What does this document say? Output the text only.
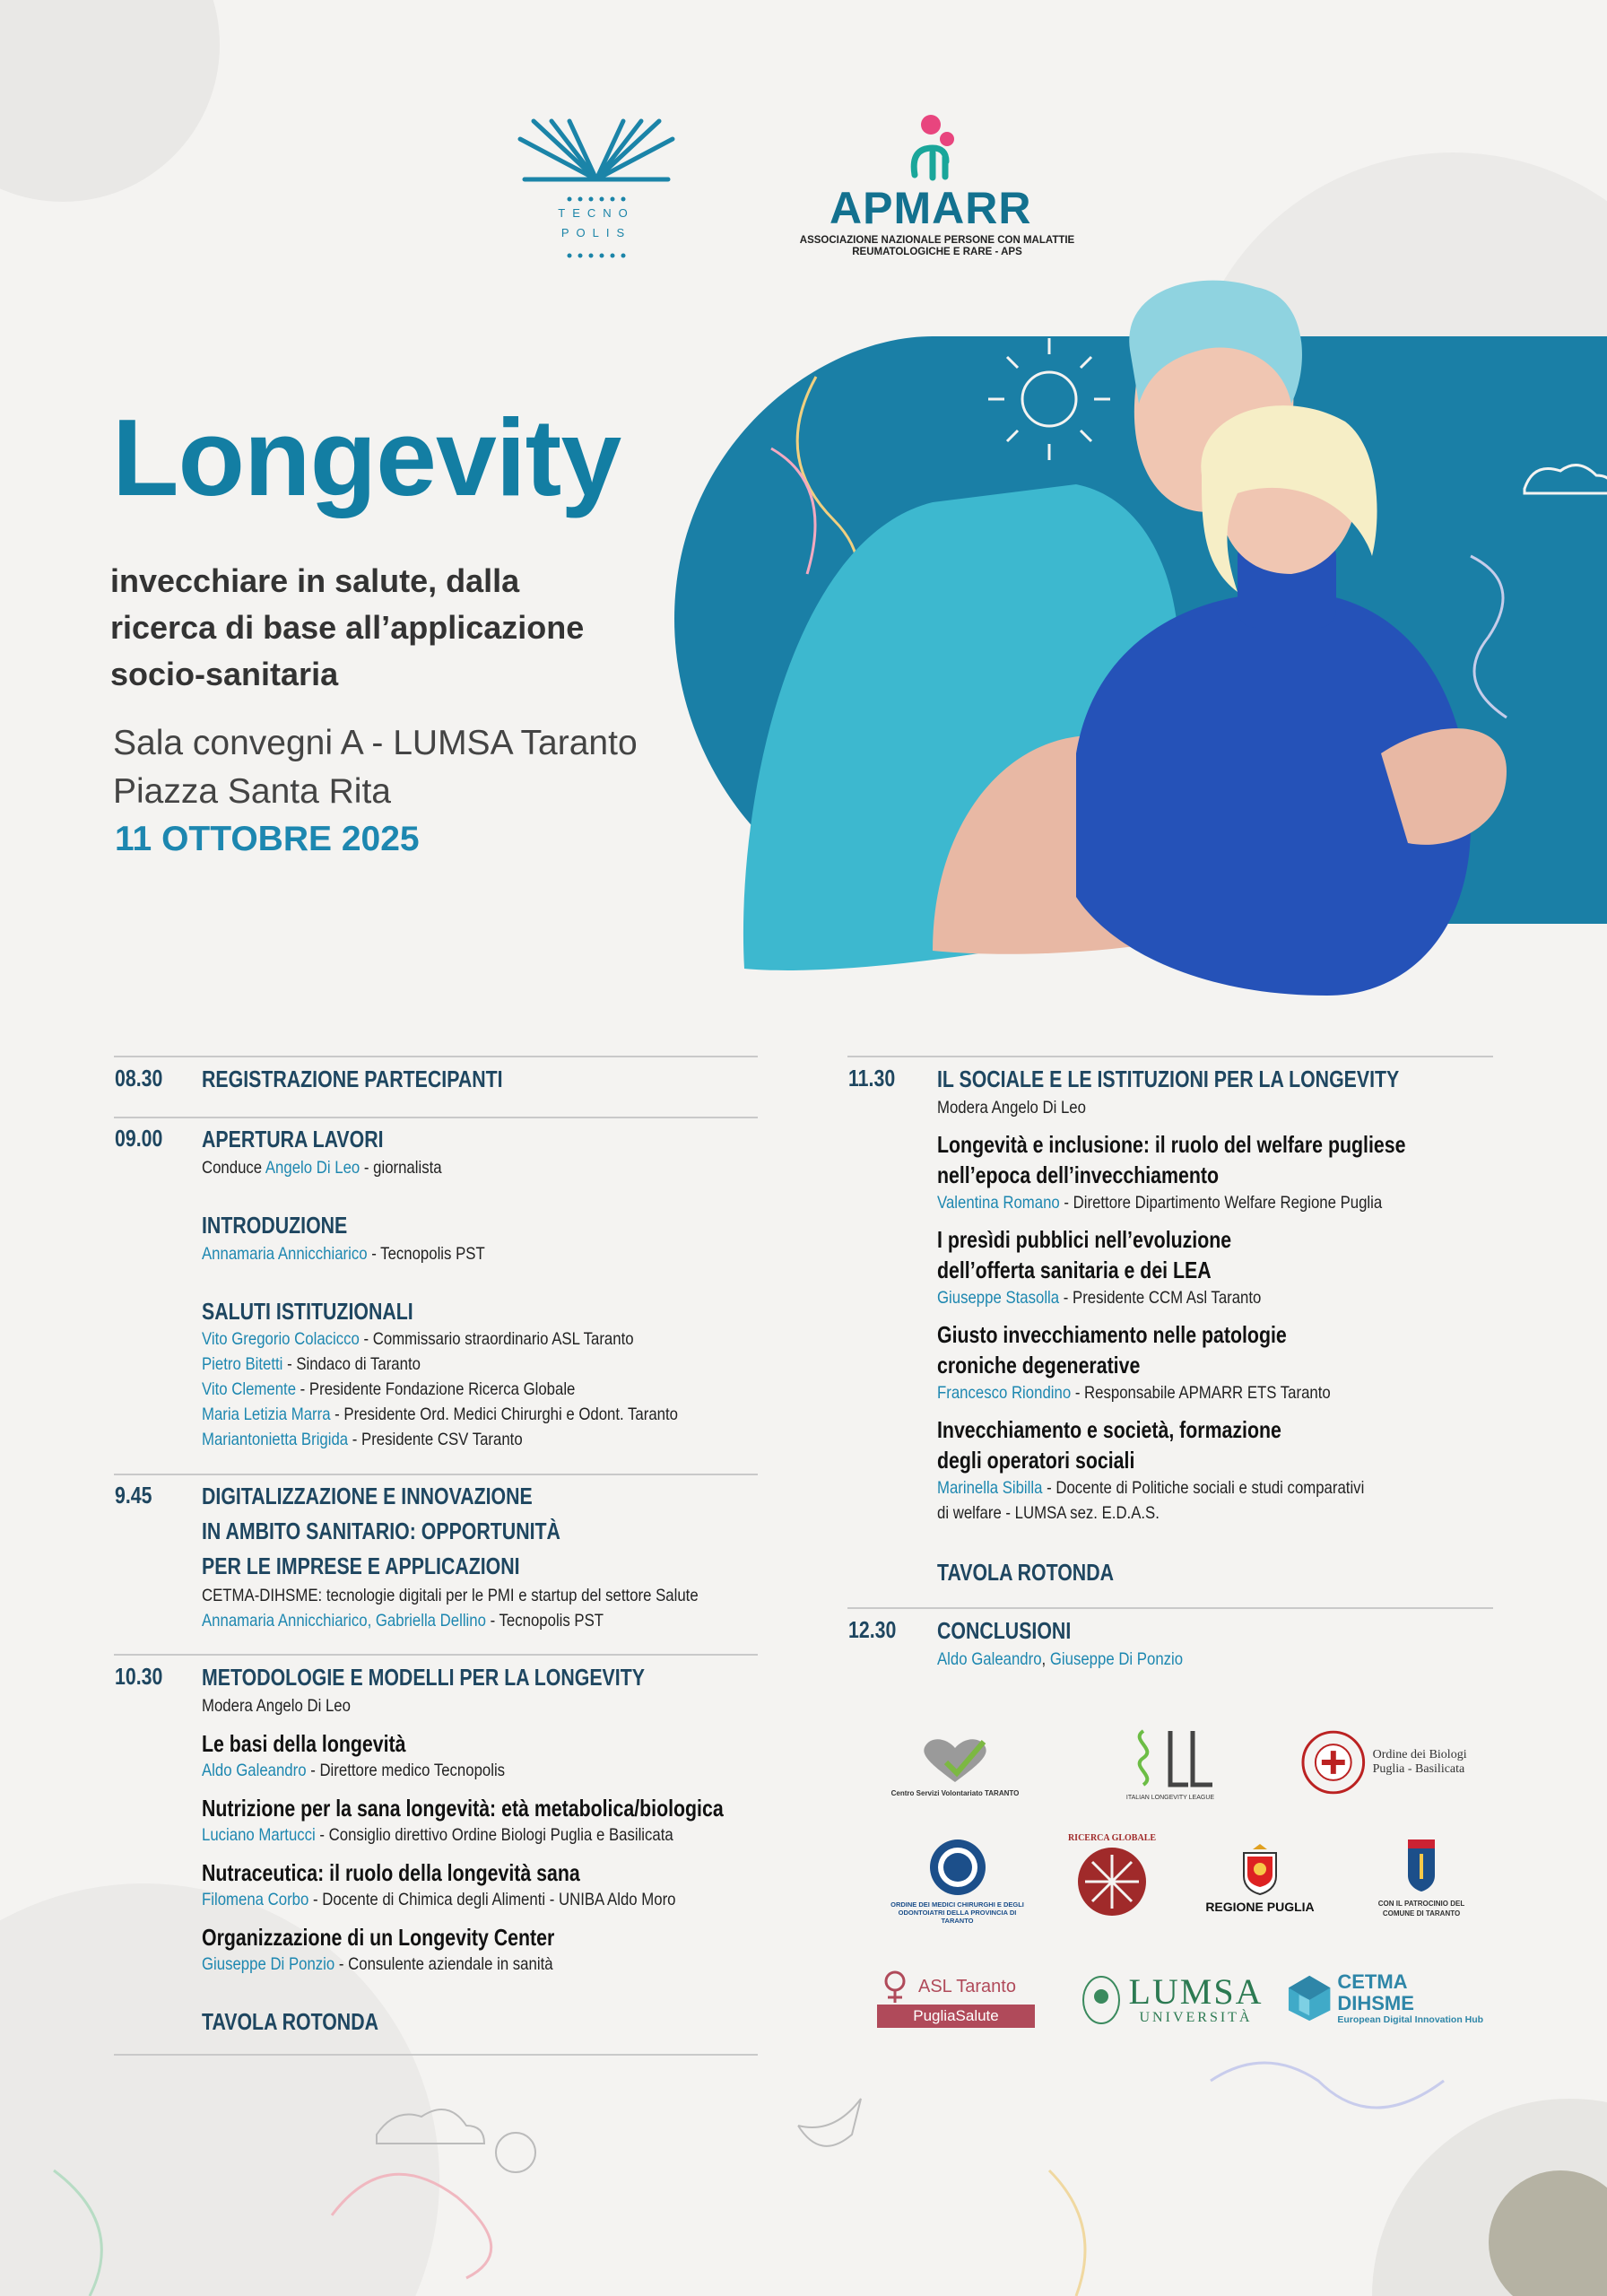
TECNO
POLIS	APMARR
ASSOCIAZIONE NAZIONALE PERSONE CON MALATTIE REUMATOLOGICHE E RARE - APS
Longevity
invecchiare in salute, dalla
ricerca di base all’applicazione
socio-sanitaria
Sala convegni A - LUMSA Taranto
Piazza Santa Rita
11 OTTOBRE 2025
08.30 REGISTRAZIONE PARTECIPANTI
09.00 APERTURA LAVORI
Conduce Angelo Di Leo - giornalista
INTRODUZIONE
Annamaria Annicchiarico - Tecnopolis PST
SALUTI ISTITUZIONALI
Vito Gregorio Colacicco - Commissario straordinario ASL Taranto
Pietro Bitetti - Sindaco di Taranto
Vito Clemente - Presidente Fondazione Ricerca Globale
Maria Letizia Marra - Presidente Ord. Medici Chirurghi e Odont. Taranto
Mariantonietta Brigida - Presidente CSV Taranto
9.45 DIGITALIZZAZIONE E INNOVAZIONE
IN AMBITO SANITARIO: OPPORTUNITÀ
PER LE IMPRESE E APPLICAZIONI
CETMA-DIHSME: tecnologie digitali per le PMI e startup del settore Salute
Annamaria Annicchiarico, Gabriella Dellino - Tecnopolis PST
10.30 METODOLOGIE E MODELLI PER LA LONGEVITY
Modera Angelo Di Leo
Le basi della longevità
Aldo Galeandro - Direttore medico Tecnopolis
Nutrizione per la sana longevità: età metabolica/biologica
Luciano Martucci - Consiglio direttivo Ordine Biologi Puglia e Basilicata
Nutraceutica: il ruolo della longevità sana
Filomena Corbo - Docente di Chimica degli Alimenti - UNIBA Aldo Moro
Organizzazione di un Longevity Center
Giuseppe Di Ponzio - Consulente aziendale in sanità
TAVOLA ROTONDA
11.30 IL SOCIALE E LE ISTITUZIONI PER LA LONGEVITY
Modera Angelo Di Leo
Longevità e inclusione: il ruolo del welfare pugliese
nell’epoca dell’invecchiamento
Valentina Romano - Direttore Dipartimento Welfare Regione Puglia
I presìdi pubblici nell’evoluzione
dell’offerta sanitaria e dei LEA
Giuseppe Stasolla - Presidente CCM Asl Taranto
Giusto invecchiamento nelle patologie
croniche degenerative
Francesco Riondino - Responsabile APMARR ETS Taranto
Invecchiamento e società, formazione
degli operatori sociali
Marinella Sibilla - Docente di Politiche sociali e studi comparativi
di welfare - LUMSA sez. E.D.A.S.
TAVOLA ROTONDA
12.30 CONCLUSIONI
Aldo Galeandro, Giuseppe Di Ponzio
Centro Servizi Volontariato TARANTO
ITALIAN LONGEVITY LEAGUE
Ordine dei Biologi Puglia - Basilicata
ORDINE DEI MEDICI CHIRURGHI E DEGLI ODONTOIATRI DELLA PROVINCIA DI TARANTO
RICERCA GLOBALE
REGIONE PUGLIA	CON IL PATROCINIO DEL COMUNE DI TARANTO
ASL Taranto
PugliaSalute
LUMSA
UNIVERSITÀ
CETMA DIHSME
European Digital Innovation Hub
